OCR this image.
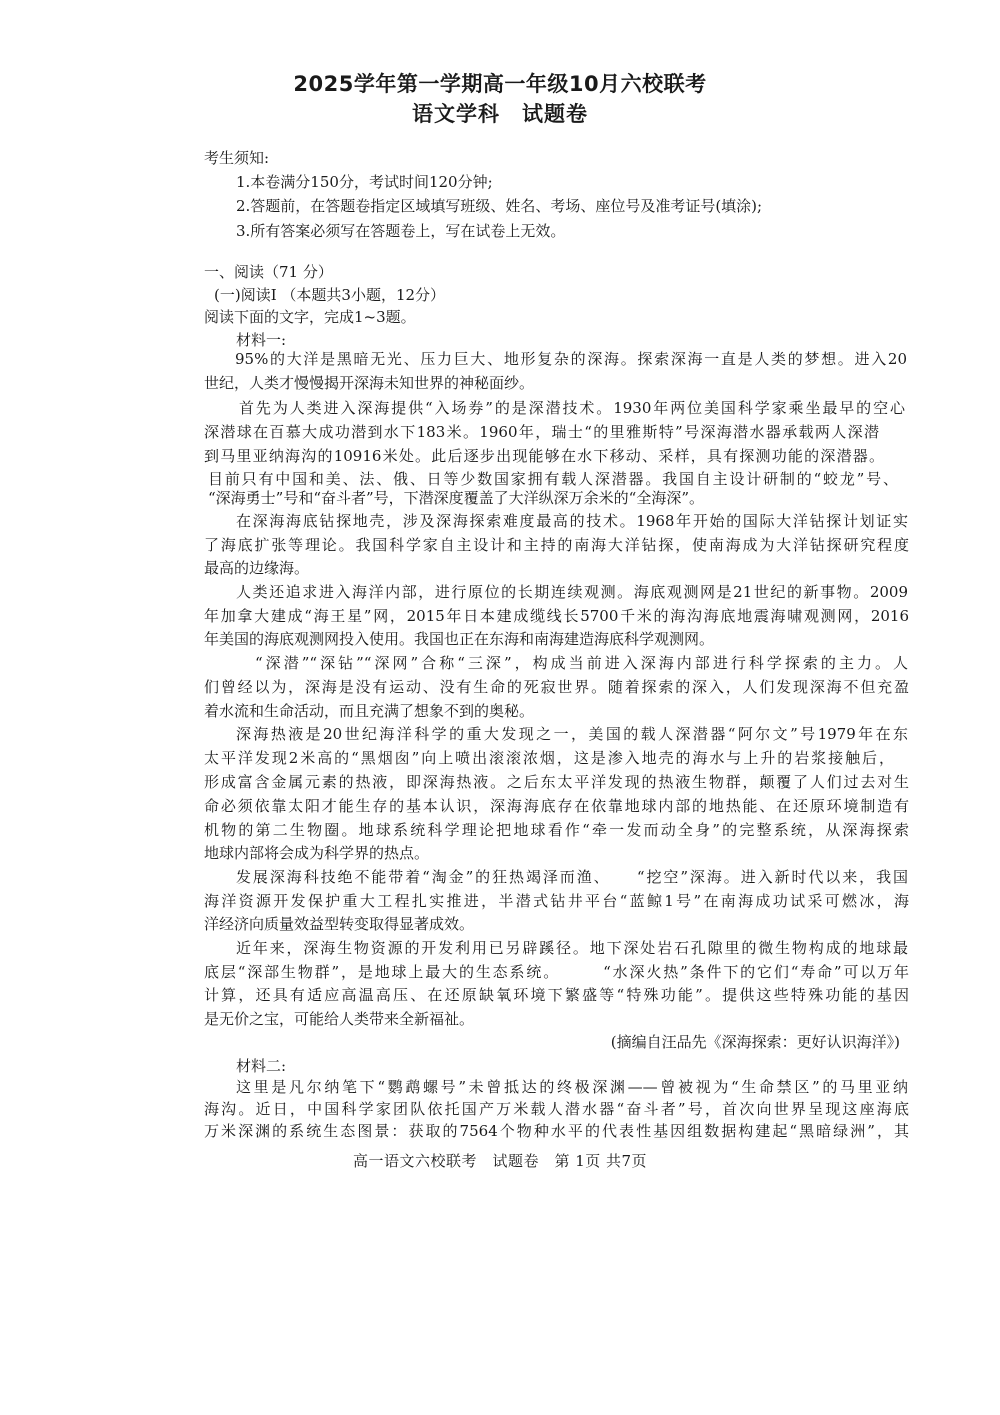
2025学年第一学期高一年级10月六校联考
语文学科　试题卷
考生须知:
1.本卷满分150分，考试时间120分钟;
2.答题前，在答题卷指定区域填写班级、姓名、考场、座位号及准考证号(填涂);
3.所有答案必须写在答题卷上，写在试卷上无效。
一、阅读（71 分）
(一)阅读Ⅰ （本题共3小题，12分）
阅读下面的文字，完成1~3题。
材料一:
95%的大洋是黑暗无光、压力巨大、地形复杂的深海。探索深海一直是人类的梦想。进入20
世纪，人类才慢慢揭开深海未知世界的神秘面纱。
首先为人类进入深海提供“入场券”的是深潜技术。1930年两位美国科学家乘坐最早的空心
深潜球在百慕大成功潜到水下183米。1960年，瑞士“的里雅斯特”号深海潜水器承载两人深潜
到马里亚纳海沟的10916米处。此后逐步出现能够在水下移动、采样，具有探测功能的深潜器。
目前只有中国和美、法、俄、日等少数国家拥有载人深潜器。我国自主设计研制的“蛟龙”号、
“深海勇士”号和“奋斗者”号，下潜深度覆盖了大洋纵深万余米的“全海深”。
在深海海底钻探地壳，涉及深海探索难度最高的技术。1968年开始的国际大洋钻探计划证实
了海底扩张等理论。我国科学家自主设计和主持的南海大洋钻探，使南海成为大洋钻探研究程度
最高的边缘海。
人类还追求进入海洋内部，进行原位的长期连续观测。海底观测网是21世纪的新事物。2009
年加拿大建成“海王星”网，2015年日本建成缆线长5700千米的海沟海底地震海啸观测网，2016
年美国的海底观测网投入使用。我国也正在东海和南海建造海底科学观测网。
“深潜”“深钻”“深网”合称“三深”，构成当前进入深海内部进行科学探索的主力。人
们曾经以为，深海是没有运动、没有生命的死寂世界。随着探索的深入，人们发现深海不但充盈
着水流和生命活动，而且充满了想象不到的奥秘。
深海热液是20世纪海洋科学的重大发现之一，美国的载人深潜器“阿尔文”号1979年在东
太平洋发现2米高的“黑烟囱”向上喷出滚滚浓烟，这是渗入地壳的海水与上升的岩浆接触后，
形成富含金属元素的热液，即深海热液。之后东太平洋发现的热液生物群，颠覆了人们过去对生
命必须依靠太阳才能生存的基本认识，深海海底存在依靠地球内部的地热能、在还原环境制造有
机物的第二生物圈。地球系统科学理论把地球看作“牵一发而动全身”的完整系统，从深海探索
地球内部将会成为科学界的热点。
发展深海科技绝不能带着“淘金”的狂热竭泽而渔、　　“挖空”深海。进入新时代以来，我国
海洋资源开发保护重大工程扎实推进，半潜式钻井平台“蓝鲸1号”在南海成功试采可燃冰，海
洋经济向质量效益型转变取得显著成效。
近年来，深海生物资源的开发利用已另辟蹊径。地下深处岩石孔隙里的微生物构成的地球最
底层“深部生物群”，是地球上最大的生态系统。　　　“水深火热”条件下的它们“寿命”可以万年
计算，还具有适应高温高压、在还原缺氧环境下繁盛等“特殊功能”。提供这些特殊功能的基因
是无价之宝，可能给人类带来全新福祉。
(摘编自汪品先《深海探索：更好认识海洋》)
材料二:
这里是凡尔纳笔下“鹦鹉螺号”未曾抵达的终极深渊——曾被视为“生命禁区”的马里亚纳
海沟。近日，中国科学家团队依托国产万米载人潜水器“奋斗者”号，首次向世界呈现这座海底
万米深渊的系统生态图景：获取的7564个物种水平的代表性基因组数据构建起“黑暗绿洲”，其
高一语文六校联考　试题卷　第 1页 共7页
